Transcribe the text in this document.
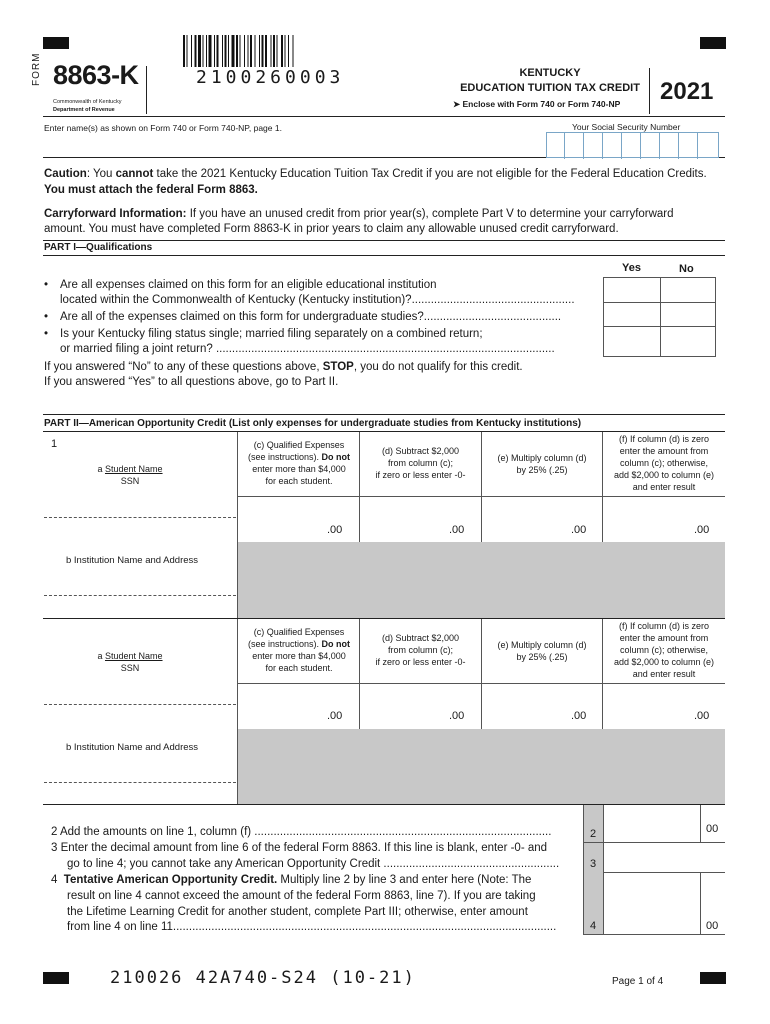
FORM 8863-K
Commonwealth of Kentucky
Department of Revenue
2100260003	KENTUCKY
EDUCATION TUITION TAX CREDIT
➤ Enclose with Form 740 or Form 740-NP 2021
Enter name(s) as shown on Form 740 or Form 740-NP, page 1.	Your Social Security Number
Caution: You cannot take the 2021 Kentucky Education Tuition Tax Credit if you are not eligible for the Federal Education Credits.
You must attach the federal Form 8863.
Carryforward Information: If you have an unused credit from prior year(s), complete Part V to determine your carryforward
amount. You must have completed Form 8863-K in prior years to claim any allowable unused credit carryforward.
PART I—Qualifications
Yes	No
• Are all expenses claimed on this form for an eligible educational institution
located within the Commonwealth of Kentucky (Kentucky institution)?...................................................
• Are all of the expenses claimed on this form for undergraduate studies?...........................................
• Is your Kentucky filing status single; married filing separately on a combined return;
or married filing a joint return? ..........................................................................................................
If you answered “No” to any of these questions above, STOP, you do not qualify for this credit.
If you answered “Yes” to all questions above, go to Part II.
PART II—American Opportunity Credit (List only expenses for undergraduate studies from Kentucky institutions)
1
a Student Name
SSN
(c) Qualified Expenses
(see instructions). Do not
enter more than $4,000
for each student.
(d) Subtract $2,000
from column (c);
if zero or less enter -0-
(e) Multiply column (d)
by 25% (.25)
(f) If column (d) is zero
enter the amount from
column (c); otherwise,
add $2,000 to column (e)
and enter result
.00	.00	.00	.00
b Institution Name and Address
a Student Name
SSN
(c) Qualified Expenses
(see instructions). Do not
enter more than $4,000
for each student.
(d) Subtract $2,000
from column (c);
if zero or less enter -0-
(e) Multiply column (d)
by 25% (.25)
(f) If column (d) is zero
enter the amount from
column (c); otherwise,
add $2,000 to column (e)
and enter result
.00	.00	.00	.00
b Institution Name and Address
2 Add the amounts on line 1, column (f) .............................................................................................	2	00
3 Enter the decimal amount from line 6 of the federal Form 8863. If this line is blank, enter -0- and
go to line 4; you cannot take any American Opportunity Credit .......................................................	3
4 Tentative American Opportunity Credit. Multiply line 2 by line 3 and enter here (Note: The
result on line 4 cannot exceed the amount of the federal Form 8863, line 7). If you are taking
the Lifetime Learning Credit for another student, complete Part III; otherwise, enter amount
from line 4 on line 11........................................................................................................................	4	00
210026 42A740-S24 (10-21)	Page 1 of 4
